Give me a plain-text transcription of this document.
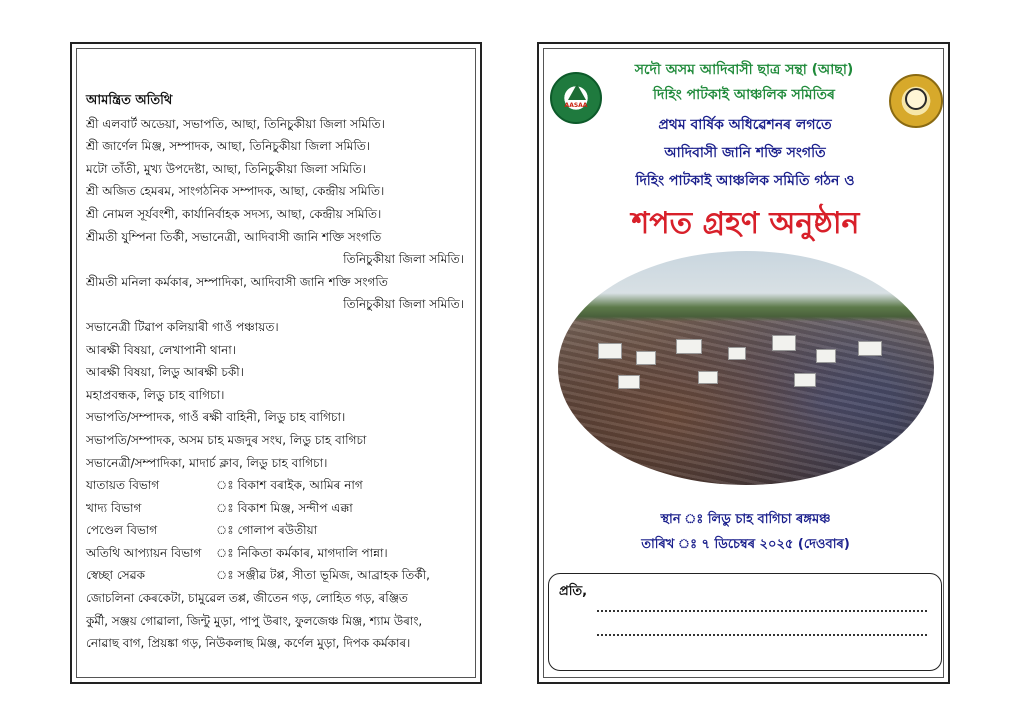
আমন্ত্ৰিত অতিথি
শ্ৰী এলবাৰ্ট অডেয়া, সভাপতি, আছা, তিনিচুকীয়া জিলা সমিতি।
শ্ৰী জাৰ্ণেল মিঞ্জ, সম্পাদক, আছা, তিনিচুকীয়া জিলা সমিতি।
মটো তাঁতী, মুখ্য উপদেষ্টা, আছা, তিনিচুকীয়া জিলা সমিতি।
শ্ৰী অজিত হেমৰম, সাংগঠনিক সম্পাদক, আছা, কেন্দ্ৰীয় সমিতি।
শ্ৰী নোমল সূৰ্যবংশী, কাৰ্যানিৰ্বাহক সদস্য, আছা, কেন্দ্ৰীয় সমিতি।
শ্ৰীমতী যুম্পিনা তিৰ্কী, সভানেত্ৰী, আদিবাসী জানি শক্তি সংগতি
তিনিচুকীয়া জিলা সমিতি।
শ্ৰীমতী মনিলা কৰ্মকাৰ, সম্পাদিকা, আদিবাসী জানি শক্তি সংগতি
তিনিচুকীয়া জিলা সমিতি।
সভানেত্ৰী টিৱাপ কলিয়াৰী গাওঁ পঞ্চায়ত।
আৰক্ষী বিষয়া, লেখাপানী থানা।
আৰক্ষী বিষয়া, লিডু আৰক্ষী চকী।
মহাপ্ৰবন্ধক, লিডু চাহ বাগিচা।
সভাপতি/সম্পাদক, গাওঁ ৰক্ষী বাহিনী, লিডু চাহ বাগিচা।
সভাপতি/সম্পাদক, অসম চাহ মজদুৰ সংঘ, লিডু চাহ বাগিচা
সভানেত্ৰী/সম্পাদিকা, মাদাৰ্চ ক্লাব, লিডু চাহ বাগিচা।
যাতায়ত বিভাগ	ঃ বিকাশ বৰাইক, আমিৰ নাগ
খাদ্য বিভাগ	ঃ বিকাশ মিঞ্জ, সন্দীপ এক্কা
পেণ্ডেল বিভাগ	ঃ গোলাপ ৰউতীয়া
অতিথি আপ্যায়ন বিভাগ	ঃ নিকিতা কৰ্মকাৰ, মাগদালি পান্না।
স্বেচ্ছা সেৱক	ঃ সঞ্জীৱ টপ্প, সীতা ভূমিজ, আব্ৰাহক তিৰ্কী,
জোচলিনা কেৰকেটা, চামুৱেল তপ্প, জীতেন গড়, লোহিত গড়, ৰঞ্জিত
কুৰ্মী, সঞ্জয় গোৱালা, জিন্টু মুড়া, পাপু উৰাং, ফুলজেঞ্চ মিঞ্জ, শ্যাম উৰাং,
নোৱাছ বাগ, প্ৰিয়ঙ্কা গড়, নিউকলাছ মিঞ্জ, কৰ্ণেল মুড়া, দিপক কৰ্মকাৰ।
AASAA
সদৌ অসম আদিবাসী ছাত্ৰ সন্থা (আছা)
দিহিং পাটকাই আঞ্চলিক সমিতিৰ
প্ৰথম বাৰ্ষিক অধিৱেশনৰ লগতে
আদিবাসী জানি শক্তি সংগতি
দিহিং পাটকাই আঞ্চলিক সমিতি গঠন ও
শপত গ্ৰহণ অনুষ্ঠান
স্থান ঃ লিডু চাহ বাগিচা ৰঙ্গমঞ্চ
তাৰিখ ঃ ৭ ডিচেম্বৰ ২০২৫ (দেওবাৰ)
প্ৰতি,
